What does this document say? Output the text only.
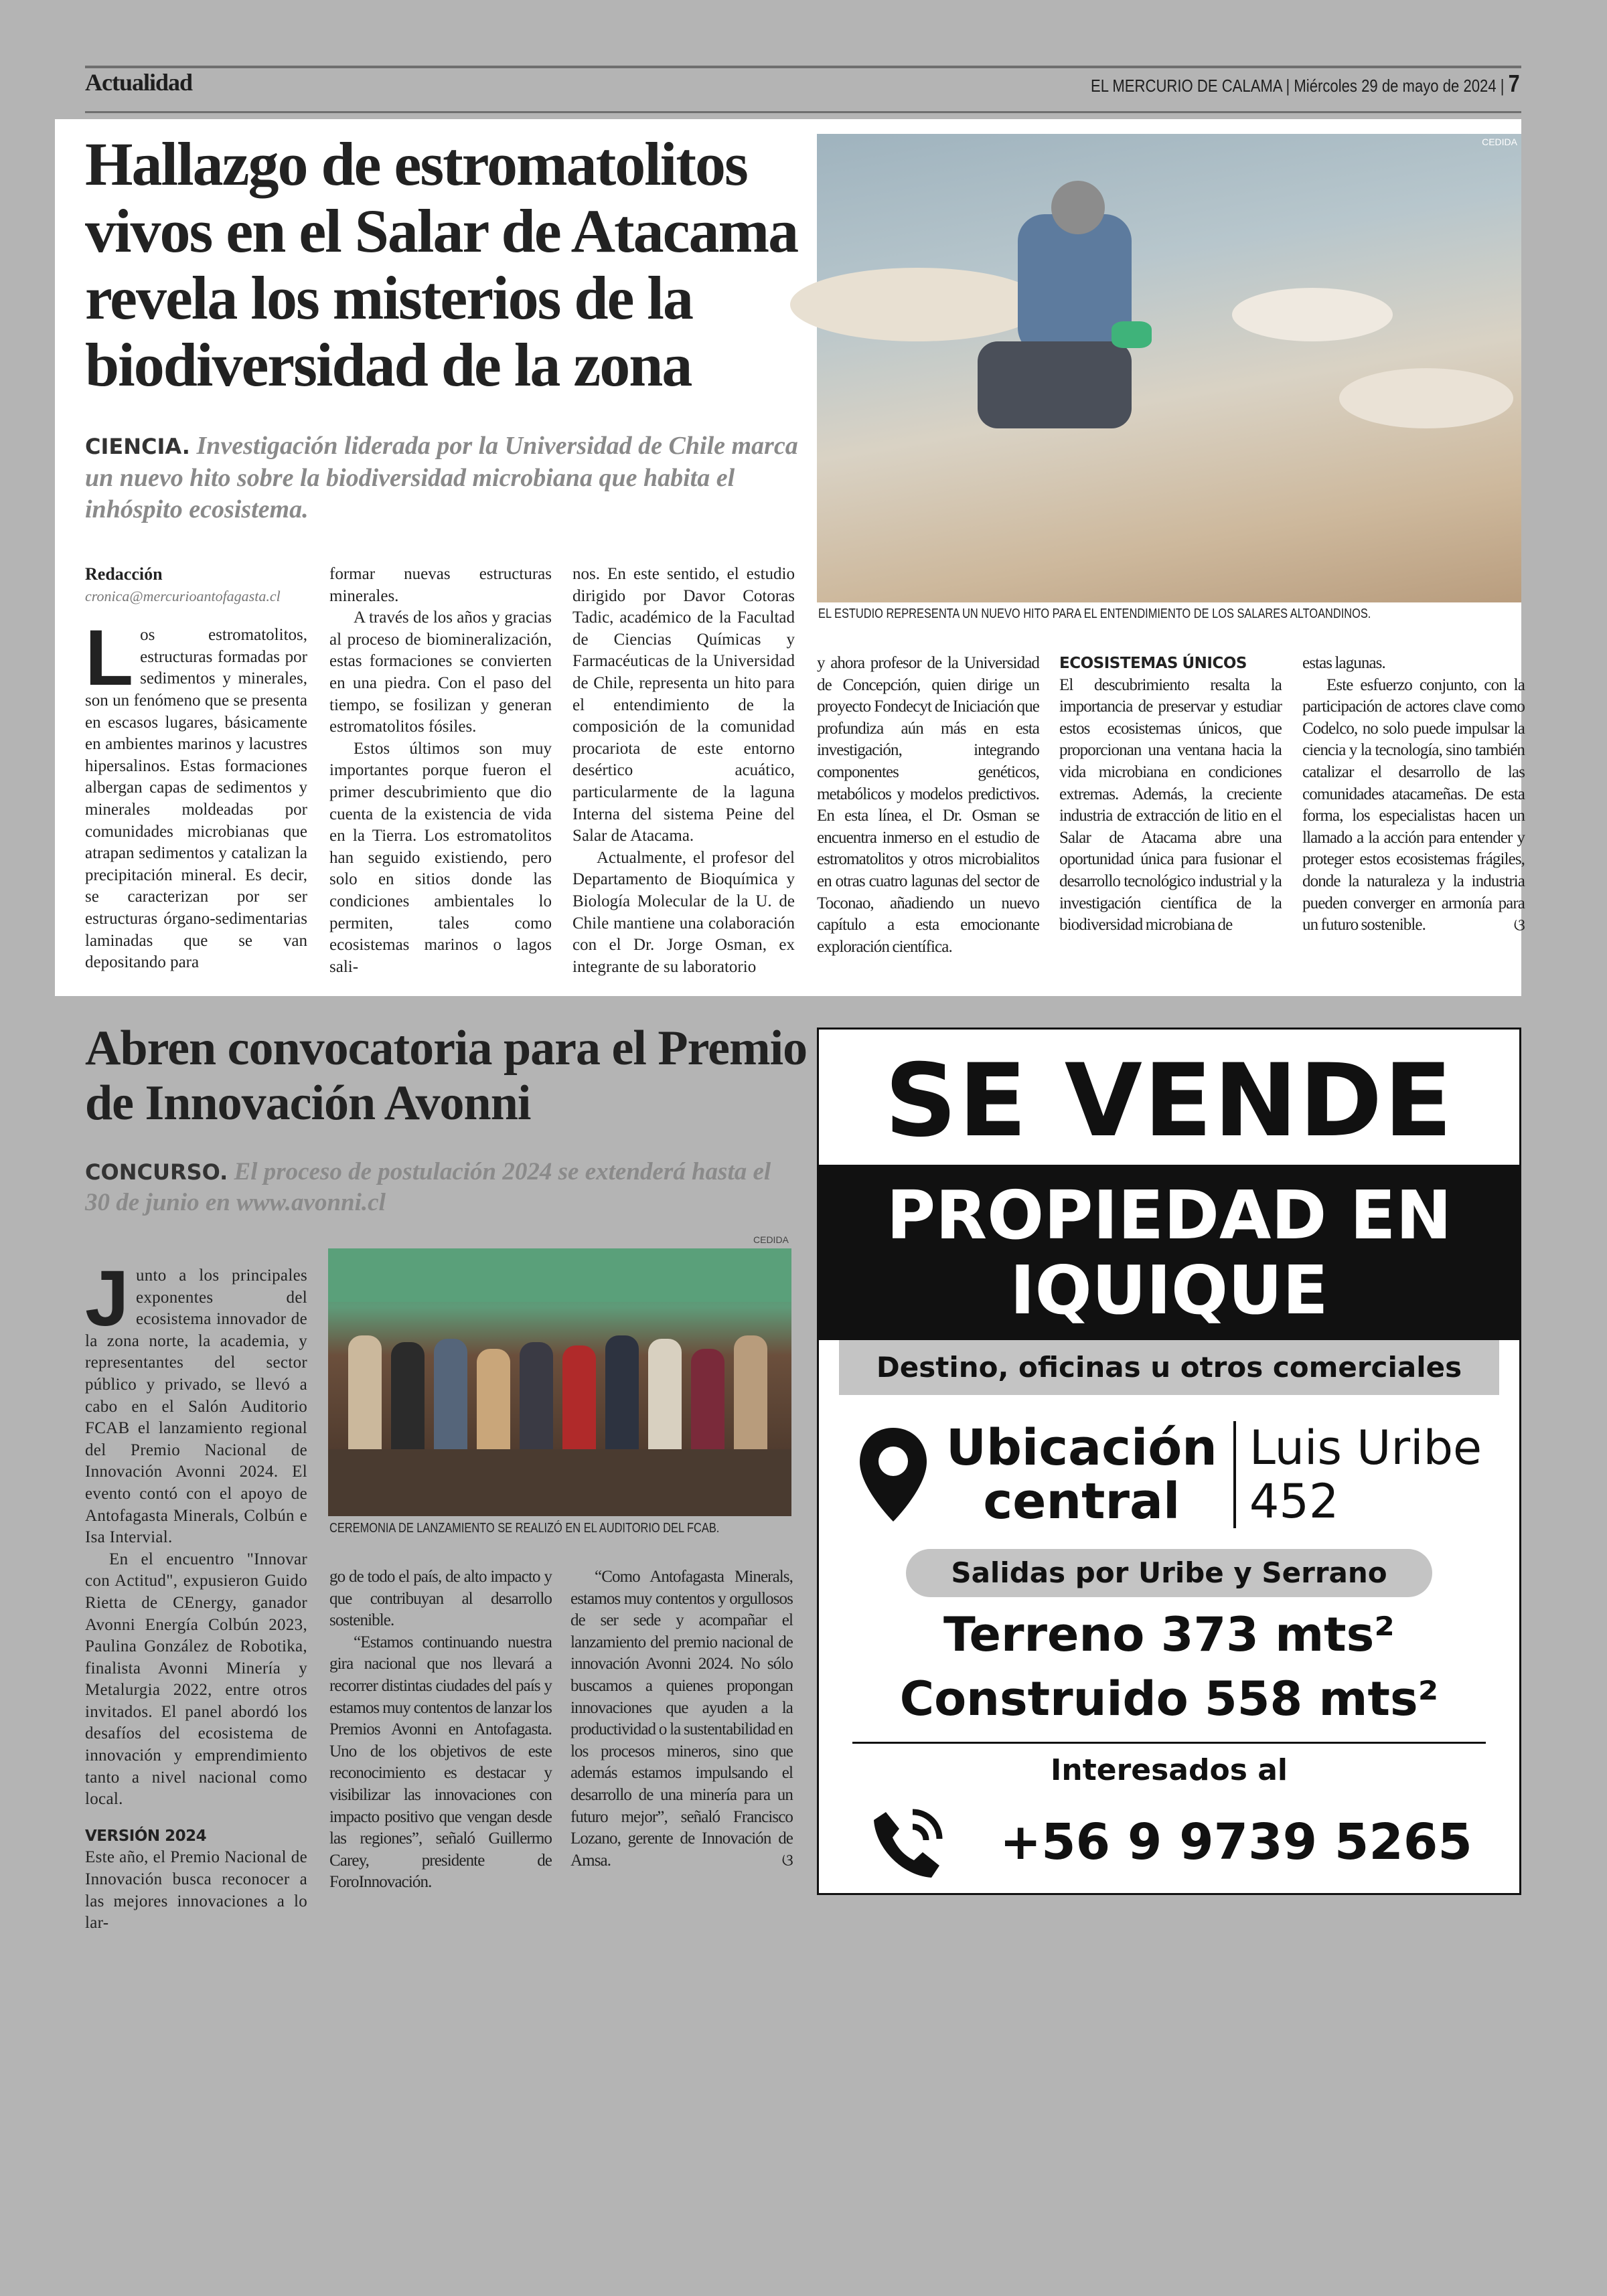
Actualidad	EL MERCURIO DE CALAMA | Miércoles 29 de mayo de 2024 | 7
Hallazgo de estromatolitos vivos en el Salar de Atacama revela los misterios de la biodiversidad de la zona
CIENCIA. Investigación liderada por la Universidad de Chile marca un nuevo hito sobre la biodiversidad microbiana que habita el inhóspito ecosistema.
CEDIDA
EL ESTUDIO REPRESENTA UN NUEVO HITO PARA EL ENTENDIMIENTO DE LOS SALARES ALTOANDINOS.
Redacción
cronica@mercurioantofagasta.cl
L os estromatolitos, estructuras formadas por sedimentos y minerales, son un fenómeno que se presenta en escasos lugares, básicamente en ambientes marinos y lacustres hipersalinos. Estas formaciones albergan capas de sedimentos y minerales moldeadas por comunidades microbianas que atrapan sedimentos y catalizan la precipitación mineral. Es decir, se caracterizan por ser estructuras órgano-sedimentarias laminadas que se van depositando para

formar nuevas estructuras minerales.

A través de los años y gracias al proceso de biomineralización, estas formaciones se convierten en una piedra. Con el paso del tiempo, se fosilizan y generan estromatolitos fósiles.

Estos últimos son muy importantes porque fueron el primer descubrimiento que dio cuenta de la existencia de vida en la Tierra. Los estromatolitos han seguido existiendo, pero solo en sitios donde las condiciones ambientales lo permiten, tales como ecosistemas marinos o lagos sali-

nos. En este sentido, el estudio dirigido por Davor Cotoras Tadic, académico de la Facultad de Ciencias Químicas y Farmacéuticas de la Universidad de Chile, representa un hito para el entendimiento de la composición de la comunidad procariota de este entorno desértico acuático, particularmente de la laguna Interna del sistema Peine del Salar de Atacama.

Actualmente, el profesor del Departamento de Bioquímica y Biología Molecular de la U. de Chile mantiene una colaboración con el Dr. Jorge Osman, ex integrante de su laboratorio

y ahora profesor de la Universidad de Concepción, quien dirige un proyecto Fondecyt de Iniciación que profundiza aún más en esta investigación, integrando componentes genéticos, metabólicos y modelos predictivos. En esta línea, el Dr. Osman se encuentra inmerso en el estudio de estromatolitos y otros microbialitos en otras cuatro lagunas del sector de Toconao, añadiendo un nuevo capítulo a esta emocionante exploración científica.

ECOSISTEMAS ÚNICOS

El descubrimiento resalta la importancia de preservar y estudiar estos ecosistemas únicos, que proporcionan una ventana hacia la vida microbiana en condiciones extremas. Además, la creciente industria de extracción de litio en el Salar de Atacama abre una oportunidad única para fusionar el desarrollo tecnológico industrial y la investigación científica de la biodiversidad microbiana de

estas lagunas.

Este esfuerzo conjunto, con la participación de actores clave como Codelco, no solo puede impulsar la ciencia y la tecnología, sino también catalizar el desarrollo de las comunidades atacameñas. De esta forma, los especialistas hacen un llamado a la acción para entender y proteger estos ecosistemas frágiles, donde la naturaleza y la industria pueden converger en armonía para un futuro sostenible.	ଓ
Abren convocatoria para el Premio de Innovación Avonni
CONCURSO. El proceso de postulación 2024 se extenderá hasta el 30 de junio en www.avonni.cl
CEDIDA
CEREMONIA DE LANZAMIENTO SE REALIZÓ EN EL AUDITORIO DEL FCAB.
J unto a los principales exponentes del ecosistema innovador de la zona norte, la academia, y representantes del sector público y privado, se llevó a cabo en el Salón Auditorio FCAB el lanzamiento regional del Premio Nacional de Innovación Avonni 2024. El evento contó con el apoyo de Antofagasta Minerals, Colbún e Isa Intervial.

En el encuentro "Innovar con Actitud", expusieron Guido Rietta de CEnergy, ganador Avonni Energía Colbún 2023, Paulina González de Robotika, finalista Avonni Minería y Metalurgia 2022, entre otros invitados. El panel abordó los desafíos del ecosistema de innovación y emprendimiento tanto a nivel nacional como local.

VERSIÓN 2024

Este año, el Premio Nacional de Innovación busca reconocer a las mejores innovaciones a lo lar-

go de todo el país, de alto impacto y que contribuyan al desarrollo sostenible.

“Estamos continuando nuestra gira nacional que nos llevará a recorrer distintas ciudades del país y estamos muy contentos de lanzar los Premios Avonni en Antofagasta. Uno de los objetivos de este reconocimiento es destacar y visibilizar las innovaciones con impacto positivo que vengan desde las regiones”, señaló Guillermo Carey, presidente de ForoInnovación.

“Como Antofagasta Minerals, estamos muy contentos y orgullosos de ser sede y acompañar el lanzamiento del premio nacional de innovación Avonni 2024. No sólo buscamos a quienes propongan innovaciones que ayuden a la productividad o la sustentabilidad en los procesos mineros, sino que además estamos impulsando el desarrollo de una minería para un futuro mejor”, señaló Francisco Lozano, gerente de Innovación de Amsa.	ଓ
SE VENDE
PROPIEDAD EN
IQUIQUE
Destino, oficinas u otros comerciales
Ubicación
central
Luis Uribe
452
Salidas por Uribe y Serrano
Terreno 373 mts²
Construido 558 mts²
Interesados al
+56 9 9739 5265
